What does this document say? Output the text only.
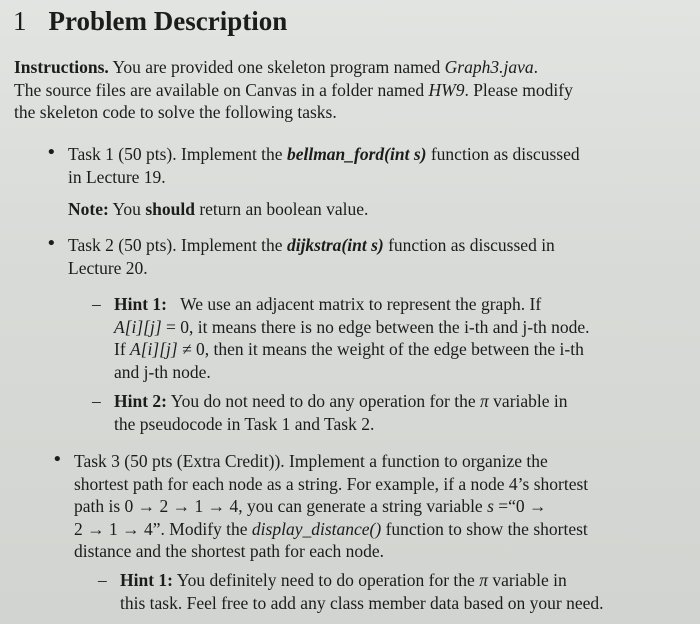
1 Problem Description
Instructions. You are provided one skeleton program named Graph3.java.
The source files are available on Canvas in a folder named HW9. Please modify
the skeleton code to solve the following tasks.
• Task 1 (50 pts). Implement the bellman_ford(int s) function as discussed
in Lecture 19.
Note: You should return an boolean value.
• Task 2 (50 pts). Implement the dijkstra(int s) function as discussed in
Lecture 20.
– Hint 1: We use an adjacent matrix to represent the graph. If
A[i][j] = 0, it means there is no edge between the i-th and j-th node.
If A[i][j] ≠ 0, then it means the weight of the edge between the i-th
and j-th node.
– Hint 2: You do not need to do any operation for the π variable in
the pseudocode in Task 1 and Task 2.
• Task 3 (50 pts (Extra Credit)). Implement a function to organize the
shortest path for each node as a string. For example, if a node 4’s shortest
path is 0 → 2 → 1 → 4, you can generate a string variable s =“0 →
2 → 1 → 4”. Modify the display_distance() function to show the shortest
distance and the shortest path for each node.
– Hint 1: You definitely need to do operation for the π variable in
this task. Feel free to add any class member data based on your need.
